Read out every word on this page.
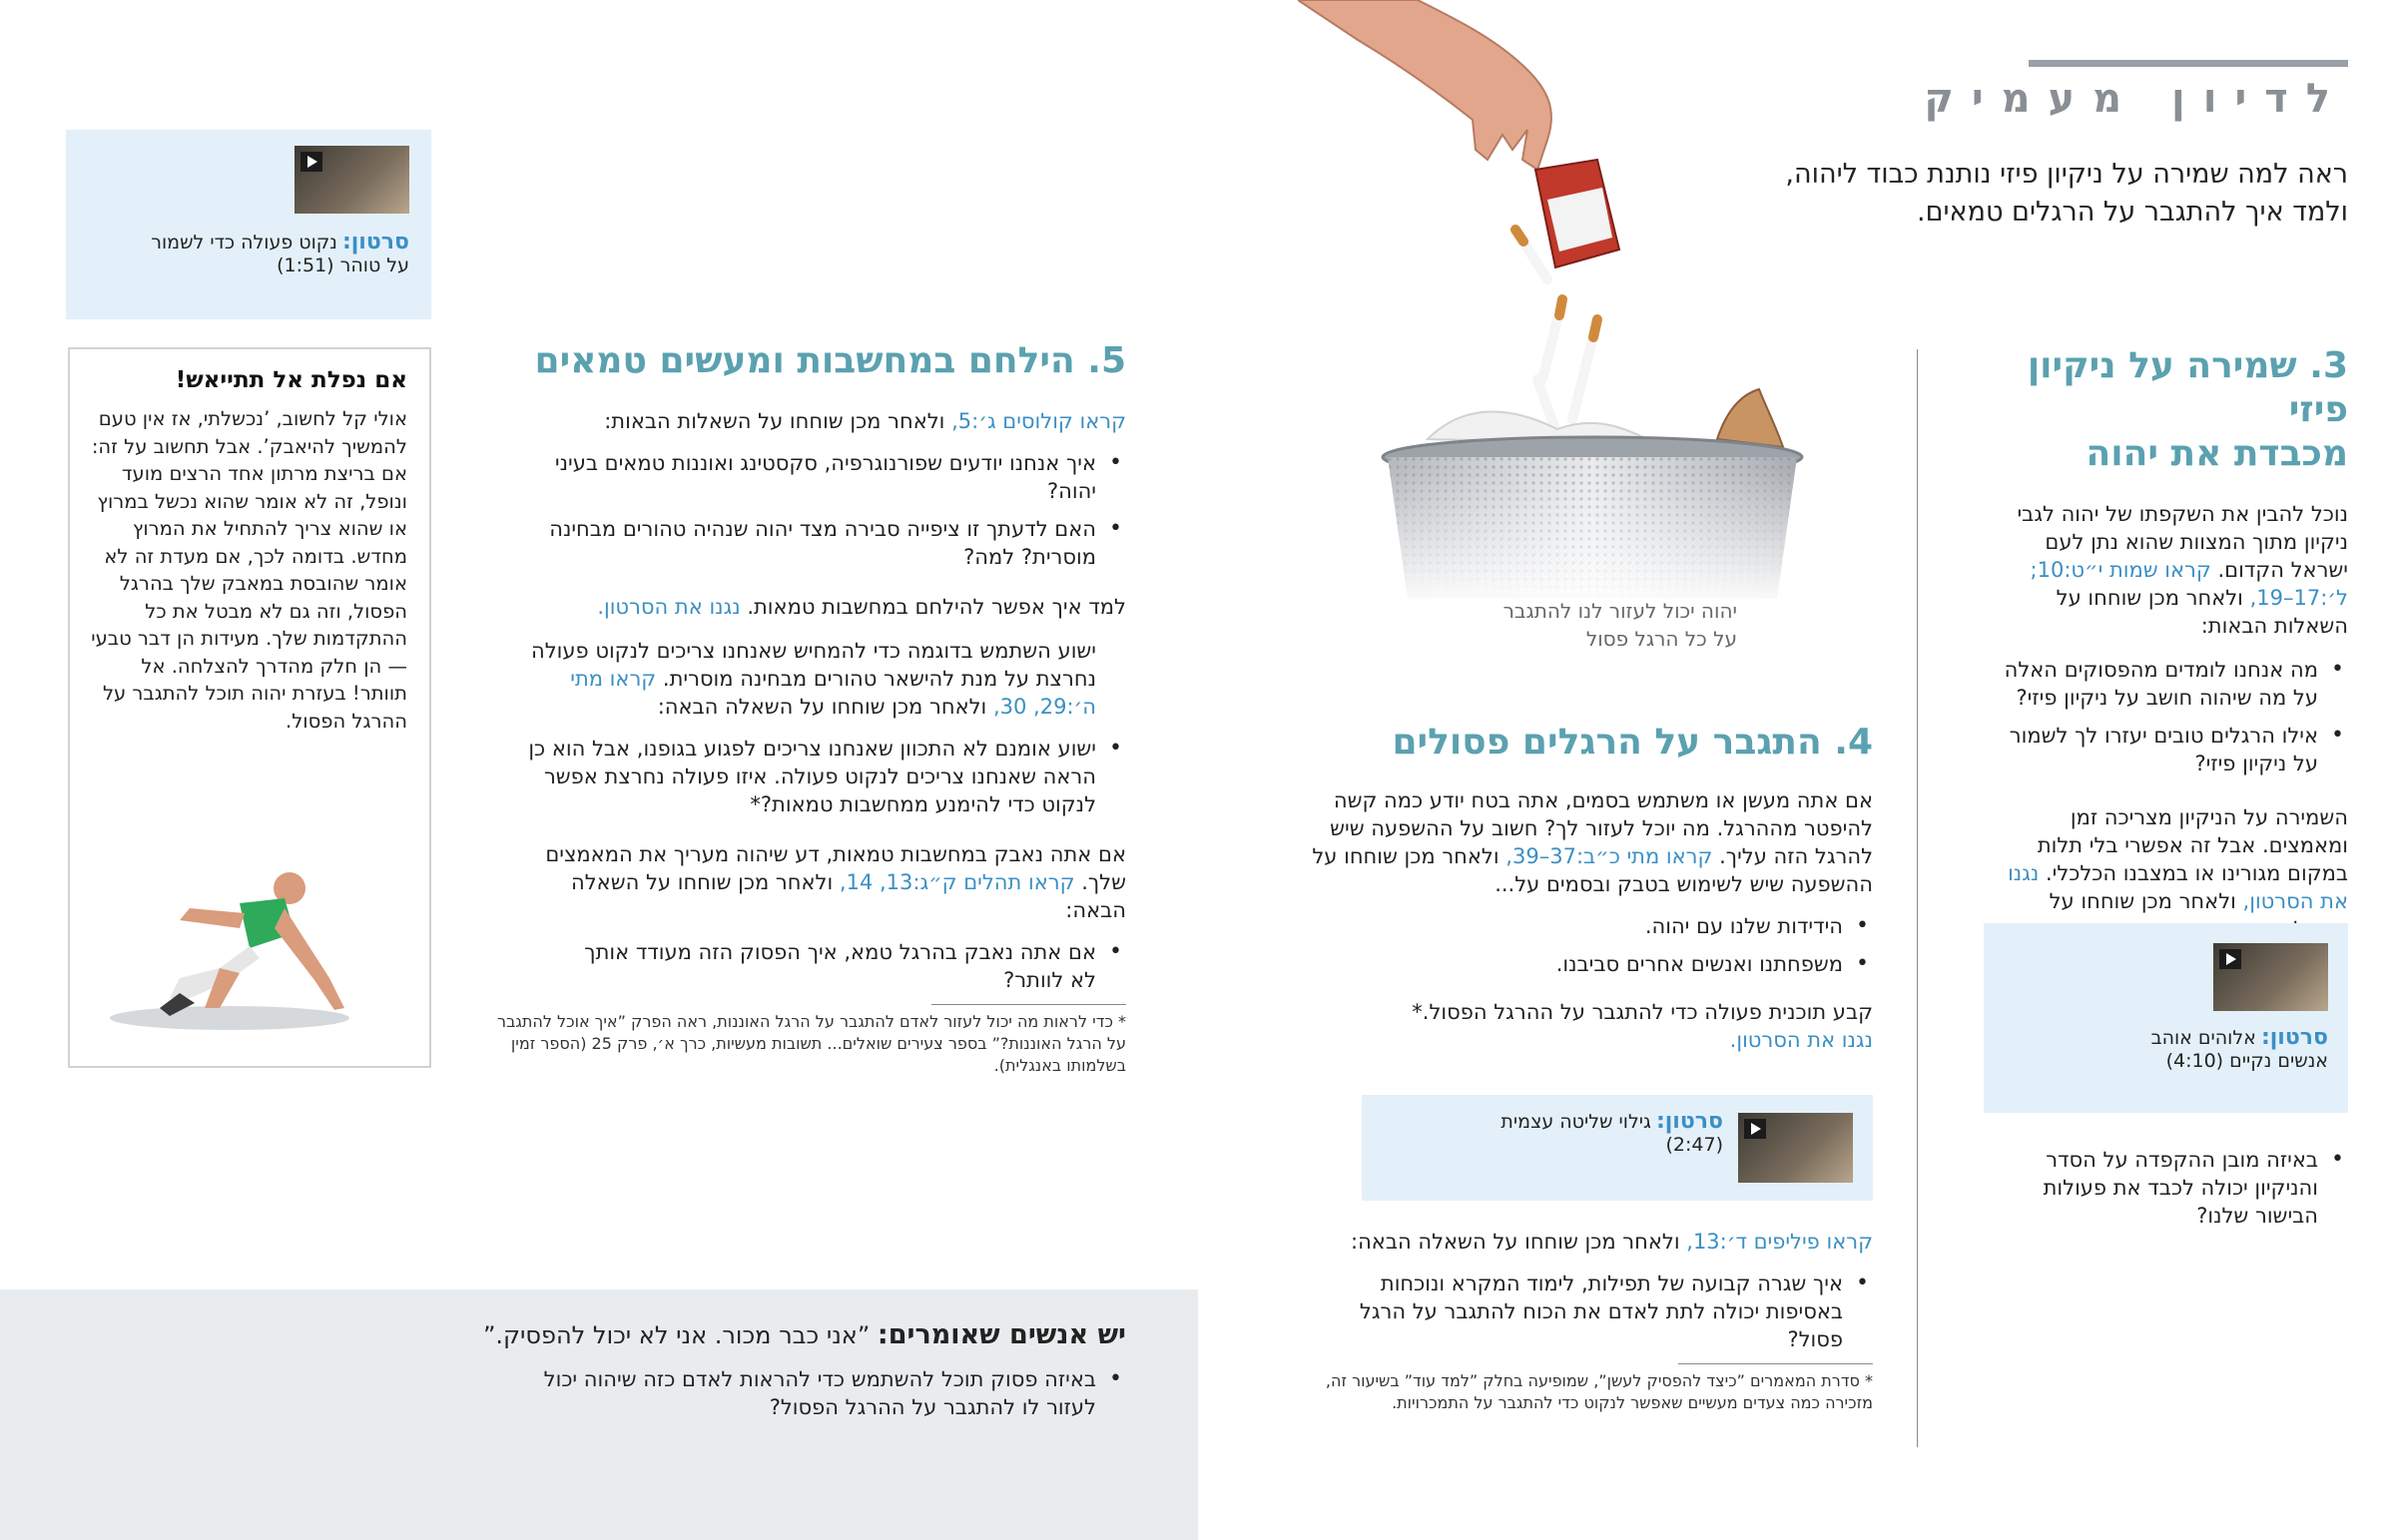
לדיון מעמיק
ראה למה שמירה על ניקיון פיזי נותנת כבוד ליהוה,
ולמד איך להתגבר על הרגלים טמאים.
יהוה יכול לעזור לנו להתגבר
על כל הרגל פסול
3. שמירה על ניקיון פיזי
מכבדת את יהוה
נוכל להבין את השקפתו של יהוה לגבי ניקיון מתוך המצוות שהוא נתן לעם ישראל הקדום. קראו שמות י״ט:10; ל׳:17–19, ולאחר מכן שוחחו על השאלות הבאות:
• מה אנחנו לומדים מהפסוקים האלה על מה שיהוה חושב על ניקיון פיזי?
• אילו הרגלים טובים יעזרו לך לשמור על ניקיון פיזי?
השמירה על הניקיון מצריכה זמן ומאמצים. אבל זה אפשרי בלי תלות במקום מגורינו או במצבנו הכלכלי. נגנו את הסרטון, ולאחר מכן שוחחו על
סרטון: אלוהים אוהב
אנשים נקיים (4:10)
• באיזה מובן ההקפדה על הסדר והניקיון יכולה לכבד את פעולות הבישור שלנו?
4. התגבר על הרגלים פסולים
אם אתה מעשן או משתמש בסמים, אתה בטח יודע כמה קשה להיפטר מההרגל. מה יוכל לעזור לך? חשוב על ההשפעה שיש להרגל הזה עליך. קראו מתי כ״ב:37–39, ולאחר מכן שוחחו על ההשפעה שיש לשימוש בטבק ובסמים על...
• הידידות שלנו עם יהוה.
• משפחתנו ואנשים אחרים סביבנו.
קבע תוכנית פעולה כדי להתגבר על ההרגל הפסול.*
נגנו את הסרטון.
סרטון: גילוי שליטה עצמית
(2:47)
קראו פיליפים ד׳:13, ולאחר מכן שוחחו על השאלה הבאה:
• איך שגרה קבועה של תפילות, לימוד המקרא ונוכחות באסיפות יכולה לתת לאדם את הכוח להתגבר על הרגל פסול?
* סדרת המאמרים ”כיצד להפסיק לעשן”, שמופיעה בחלק ”למד עוד” בשיעור זה, מזכירה כמה צעדים מעשיים שאפשר לנקוט כדי להתגבר על התמכרויות.
5. הילחם במחשבות ומעשים טמאים
קראו קולוסים ג׳:5, ולאחר מכן שוחחו על השאלות הבאות:
• איך אנחנו יודעים שפורנוגרפיה, סקסטינג ואוננות טמאים בעיני יהוה?
• האם לדעתך זו ציפייה סבירה מצד יהוה שנהיה טהורים מבחינה מוסרית? למה?
למד איך אפשר להילחם במחשבות טמאות. נגנו את הסרטון.
ישוע השתמש בדוגמה כדי להמחיש שאנחנו צריכים לנקוט פעולה נחרצת על מנת להישאר טהורים מבחינה מוסרית. קראו מתי ה׳:29, 30, ולאחר מכן שוחחו על השאלה הבאה:
• ישוע אומנם לא התכוון שאנחנו צריכים לפגוע בגופנו, אבל הוא כן הראה שאנחנו צריכים לנקוט פעולה. איזו פעולה נחרצת אפשר לנקוט כדי להימנע ממחשבות טמאות?*
אם אתה נאבק במחשבות טמאות, דע שיהוה מעריך את המאמצים שלך. קראו תהלים ק״ג:13, 14, ולאחר מכן שוחחו על השאלה הבאה:
• אם אתה נאבק בהרגל טמא, איך הפסוק הזה מעודד אותך לא לוותר?
* כדי לראות מה יכול לעזור לאדם להתגבר על הרגל האוננות, ראה הפרק ”איך אוכל להתגבר על הרגל האוננות?” בספר צעירים שואלים... תשובות מעשיות, כרך א׳, פרק 25 (הספר זמין בשלמותו באנגלית).
סרטון: נקוט פעולה כדי לשמור
על טוהר (1:51)
אם נפלת אל תתייאש!
אולי קל לחשוב, ’נכשלתי, אז אין טעם להמשיך להיאבק’. אבל תחשוב על זה: אם בריצת מרתון אחד הרצים מועד ונופל, זה לא אומר שהוא נכשל במרוץ או שהוא צריך להתחיל את המרוץ מחדש. בדומה לכך, אם מעדת זה לא אומר שהובסת במאבק שלך בהרגל הפסול, וזה גם לא מבטל את כל ההתקדמות שלך. מעידות הן דבר טבעי — הן חלק מהדרך להצלחה. אל תוותר! בעזרת יהוה תוכל להתגבר על ההרגל הפסול.
יש אנשים שאומרים: ”אני כבר מכור. אני לא יכול להפסיק.”
• באיזה פסוק תוכל להשתמש כדי להראות לאדם כזה שיהוה יכול לעזור לו להתגבר על ההרגל הפסול?
